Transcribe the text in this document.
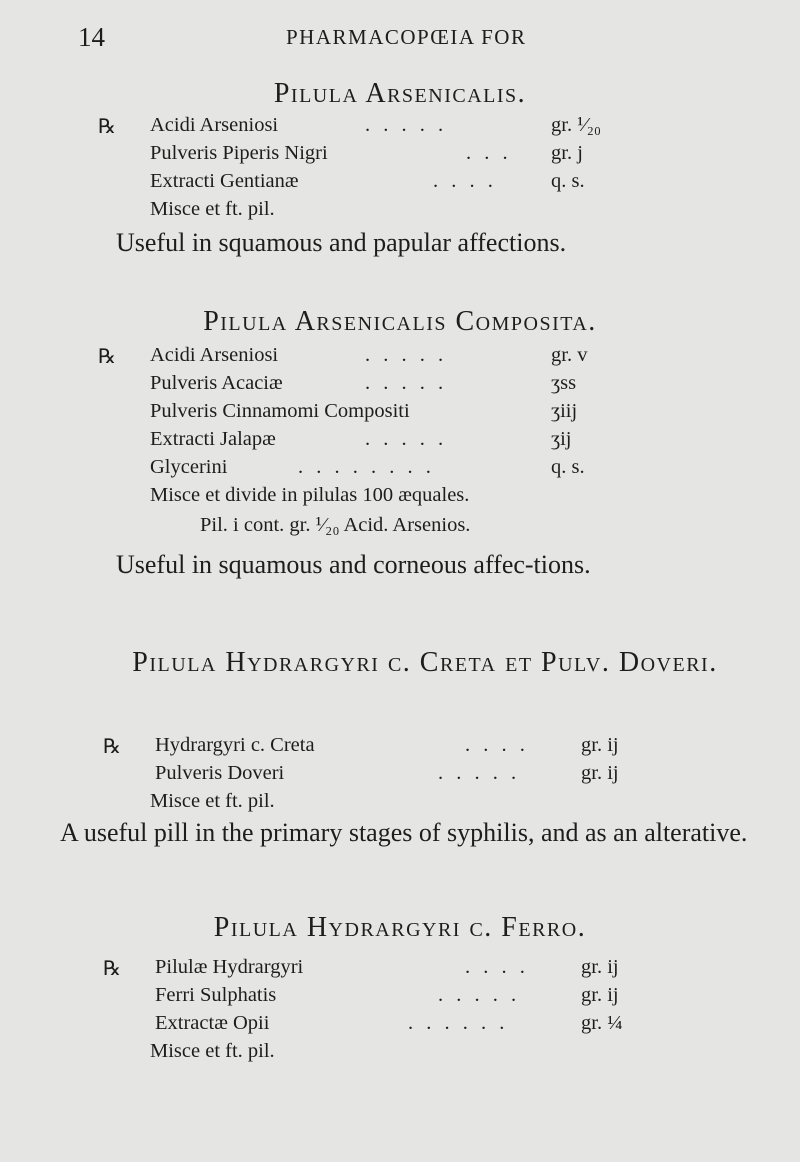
14	PHARMACOPŒIA FOR
Pilula Arsenicalis.
℞ Acidi Arseniosi	. . . . .	gr. ¹⁄₂₀
Pulveris Piperis Nigri	. . . gr. j
Extracti Gentianæ	. . . .	q. s.
Misce et ft. pil.
Useful in squamous and papular affections.
Pilula Arsenicalis Composita.
℞ Acidi Arseniosi	. . . . .	gr. v
Pulveris Acaciæ	. . . . .	ʒss
Pulveris Cinnamomi Compositi	ʒiij
Extracti Jalapæ	. . . . .	ʒij
Glycerini	. . . . . . . .	q. s.
Misce et divide in pilulas 100 æquales.
Pil. i cont. gr. ¹⁄₂₀ Acid. Arsenios.
Useful in squamous and corneous affec-tions.
Pilula Hydrargyri c. Creta et Pulv. Doveri.
℞ Hydrargyri c. Creta	. . . .	gr. ij
Pulveris Doveri	. . . . .	gr. ij
Misce et ft. pil.
A useful pill in the primary stages of syphilis, and as an alterative.
Pilula Hydrargyri c. Ferro.
℞ Pilulæ Hydrargyri	. . . .	gr. ij
Ferri Sulphatis	. . . . .	gr. ij
Extractæ Opii	. . . . . .	gr. ¼
Misce et ft. pil.
